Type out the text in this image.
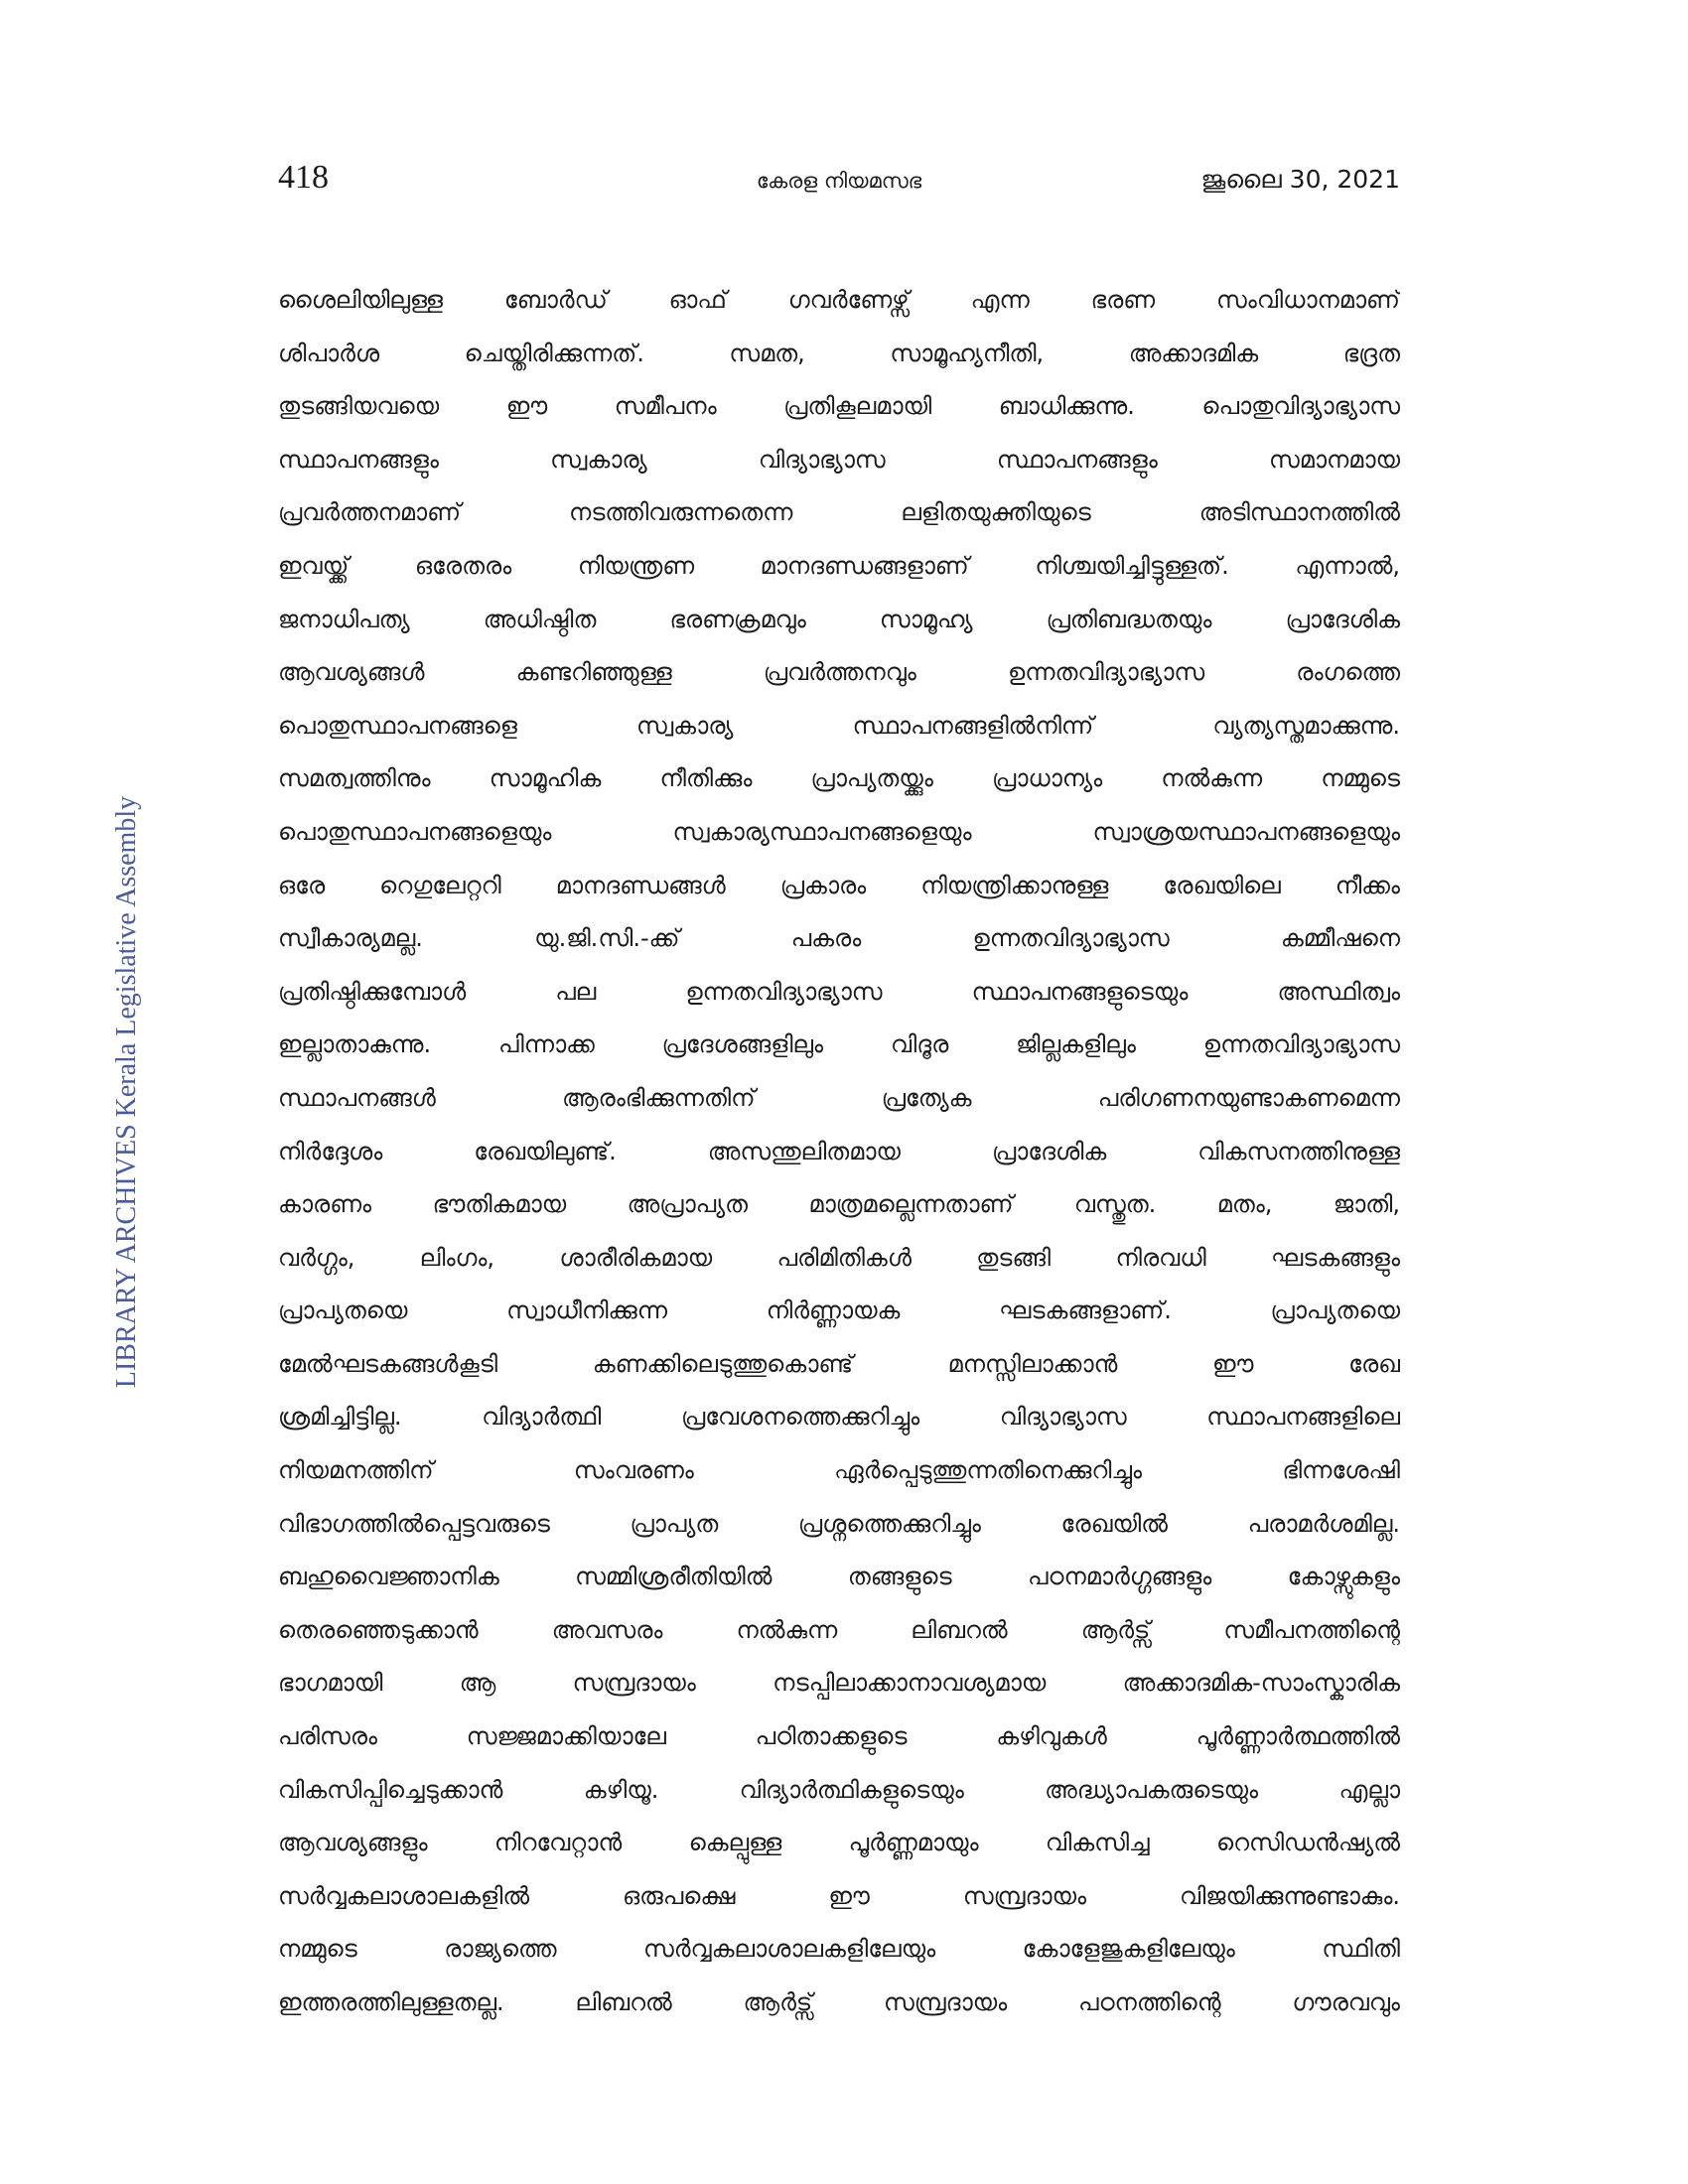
418	കേരള നിയമസഭ	ജൂലൈ 30, 2021
LIBRARY ARCHIVES Kerala Legislative Assembly
ശൈലിയിലുള്ള ബോർഡ് ഓഫ് ഗവർണേഴ്സ് എന്ന ഭരണ സംവിധാനമാണ്
ശിപാർശ ചെയ്തിരിക്കുന്നത്. സമത, സാമൂഹ്യനീതി, അക്കാദമിക ഭദ്രത
തുടങ്ങിയവയെ ഈ സമീപനം പ്രതികൂലമായി ബാധിക്കുന്നു. പൊതുവിദ്യാഭ്യാസ
സ്ഥാപനങ്ങളും സ്വകാര്യ വിദ്യാഭ്യാസ സ്ഥാപനങ്ങളും സമാനമായ
പ്രവർത്തനമാണ് നടത്തിവരുന്നതെന്ന ലളിതയുക്തിയുടെ അടിസ്ഥാനത്തിൽ
ഇവയ്ക്ക് ഒരേതരം നിയന്ത്രണ മാനദണ്ഡങ്ങളാണ് നിശ്ചയിച്ചിട്ടുള്ളത്. എന്നാൽ,
ജനാധിപത്യ അധിഷ്ഠിത ഭരണക്രമവും സാമൂഹ്യ പ്രതിബദ്ധതയും പ്രാദേശിക
ആവശ്യങ്ങൾ കണ്ടറിഞ്ഞുള്ള പ്രവർത്തനവും ഉന്നതവിദ്യാഭ്യാസ രംഗത്തെ
പൊതുസ്ഥാപനങ്ങളെ സ്വകാര്യ സ്ഥാപനങ്ങളിൽനിന്ന് വ്യത്യസ്തമാക്കുന്നു.
സമത്വത്തിനും സാമൂഹിക നീതിക്കും പ്രാപ്യതയ്ക്കും പ്രാധാന്യം നൽകുന്ന നമ്മുടെ
പൊതുസ്ഥാപനങ്ങളെയും സ്വകാര്യസ്ഥാപനങ്ങളെയും സ്വാശ്രയസ്ഥാപനങ്ങളെയും
ഒരേ റെഗുലേറ്ററി മാനദണ്ഡങ്ങൾ പ്രകാരം നിയന്ത്രിക്കാനുള്ള രേഖയിലെ നീക്കം
സ്വീകാര്യമല്ല. യു.ജി.സി.-ക്ക് പകരം ഉന്നതവിദ്യാഭ്യാസ കമ്മീഷനെ
പ്രതിഷ്ഠിക്കുമ്പോൾ പല ഉന്നതവിദ്യാഭ്യാസ സ്ഥാപനങ്ങളുടെയും അസ്ഥിത്വം
ഇല്ലാതാകുന്നു. പിന്നാക്ക പ്രദേശങ്ങളിലും വിദൂര ജില്ലകളിലും ഉന്നതവിദ്യാഭ്യാസ
സ്ഥാപനങ്ങൾ ആരംഭിക്കുന്നതിന് പ്രത്യേക പരിഗണനയുണ്ടാകണമെന്ന
നിർദ്ദേശം രേഖയിലുണ്ട്. അസന്തുലിതമായ പ്രാദേശിക വികസനത്തിനുള്ള
കാരണം ഭൗതികമായ അപ്രാപ്യത മാത്രമല്ലെന്നതാണ് വസ്തുത. മതം, ജാതി,
വർഗ്ഗം, ലിംഗം, ശാരീരികമായ പരിമിതികൾ തുടങ്ങി നിരവധി ഘടകങ്ങളും
പ്രാപ്യതയെ സ്വാധീനിക്കുന്ന നിർണ്ണായക ഘടകങ്ങളാണ്. പ്രാപ്യതയെ
മേൽഘടകങ്ങൾകൂടി കണക്കിലെടുത്തുകൊണ്ട് മനസ്സിലാക്കാൻ ഈ രേഖ
ശ്രമിച്ചിട്ടില്ല. വിദ്യാർത്ഥി പ്രവേശനത്തെക്കുറിച്ചും വിദ്യാഭ്യാസ സ്ഥാപനങ്ങളിലെ
നിയമനത്തിന് സംവരണം ഏർപ്പെടുത്തുന്നതിനെക്കുറിച്ചും ഭിന്നശേഷി
വിഭാഗത്തിൽപ്പെട്ടവരുടെ പ്രാപ്യത പ്രശ്നത്തെക്കുറിച്ചും രേഖയിൽ പരാമർശമില്ല.
ബഹുവൈജ്ഞാനിക സമ്മിശ്രരീതിയിൽ തങ്ങളുടെ പഠനമാർഗ്ഗങ്ങളും കോഴ്സുകളും
തെരഞ്ഞെടുക്കാൻ അവസരം നൽകുന്ന ലിബറൽ ആർട്സ് സമീപനത്തിന്റെ
ഭാഗമായി ആ സമ്പ്രദായം നടപ്പിലാക്കാനാവശ്യമായ അക്കാദമിക-സാംസ്കാരിക
പരിസരം സജ്ജമാക്കിയാലേ പഠിതാക്കളുടെ കഴിവുകൾ പൂർണ്ണാർത്ഥത്തിൽ
വികസിപ്പിച്ചെടുക്കാൻ കഴിയൂ. വിദ്യാർത്ഥികളുടെയും അദ്ധ്യാപകരുടെയും എല്ലാ
ആവശ്യങ്ങളും നിറവേറ്റാൻ കെല്പുള്ള പൂർണ്ണമായും വികസിച്ച റെസിഡൻഷ്യൽ
സർവ്വകലാശാലകളിൽ ഒരുപക്ഷെ ഈ സമ്പ്രദായം വിജയിക്കുന്നുണ്ടാകും.
നമ്മുടെ രാജ്യത്തെ സർവ്വകലാശാലകളിലേയും കോളേജുകളിലേയും സ്ഥിതി
ഇത്തരത്തിലുള്ളതല്ല. ലിബറൽ ആർട്സ് സമ്പ്രദായം പഠനത്തിന്റെ ഗൗരവവും
